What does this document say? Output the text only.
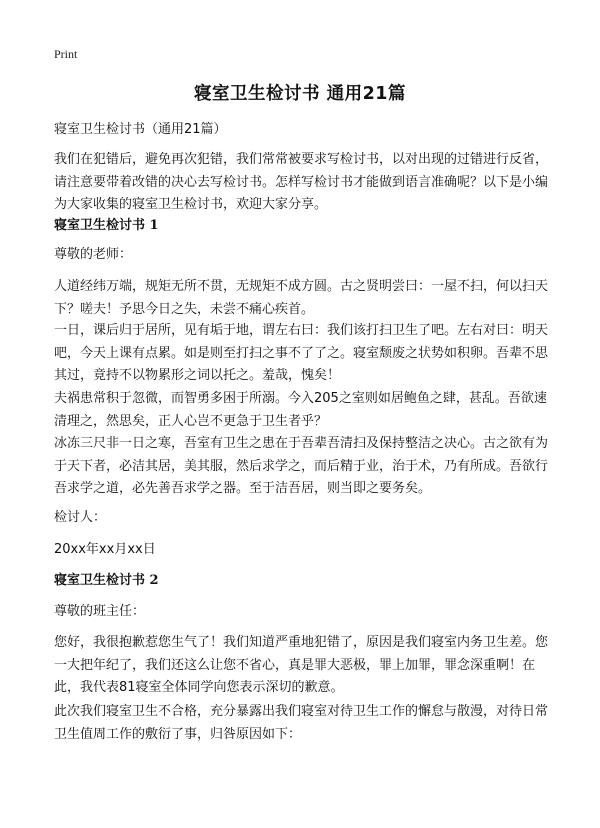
Print
寝室卫生检讨书 通用21篇

寝室卫生检讨书（通用21篇）

我们在犯错后，避免再次犯错，我们常常被要求写检讨书，以对出现的过错进行反省，请注意要带着改错的决心去写检讨书。怎样写检讨书才能做到语言准确呢？以下是小编为大家收集的寝室卫生检讨书，欢迎大家分享。

寝室卫生检讨书 1

尊敬的老师：

人道经纬万端，规矩无所不贯，无规矩不成方圆。古之贤明尝曰：一屋不扫，何以扫天下？嗟夫！予思今日之失，未尝不痛心疾首。

一日，课后归于居所，见有垢于地，谓左右曰：我们该打扫卫生了吧。左右对曰：明天吧，今天上课有点累。如是则至打扫之事不了了之。寝室颓废之状势如积卵。吾辈不思其过，竟持不以物累形之词以托之。羞哉，愧矣！

夫祸患常积于忽微，而智勇多困于所溺。今入205之室则如居鲍鱼之肆，甚乱。吾欲速清理之，然思矣，正人心岂不更急于卫生者乎？

冰冻三尺非一日之寒，吾室有卫生之患在于吾辈吾清扫及保持整洁之决心。古之欲有为于天下者，必洁其居，美其服，然后求学之，而后精于业，治于术，乃有所成。吾欲行吾求学之道，必先善吾求学之器。至于洁吾居，则当即之要务矣。

检讨人：

20xx年xx月xx日

寝室卫生检讨书 2

尊敬的班主任：

您好，我很抱歉惹您生气了！我们知道严重地犯错了，原因是我们寝室内务卫生差。您一大把年纪了，我们还这么让您不省心，真是罪大恶极，罪上加罪，罪念深重啊！在此，我代表81寝室全体同学向您表示深切的歉意。

此次我们寝室卫生不合格，充分暴露出我们寝室对待卫生工作的懈怠与散漫，对待日常卫生值周工作的敷衍了事，归咎原因如下：
